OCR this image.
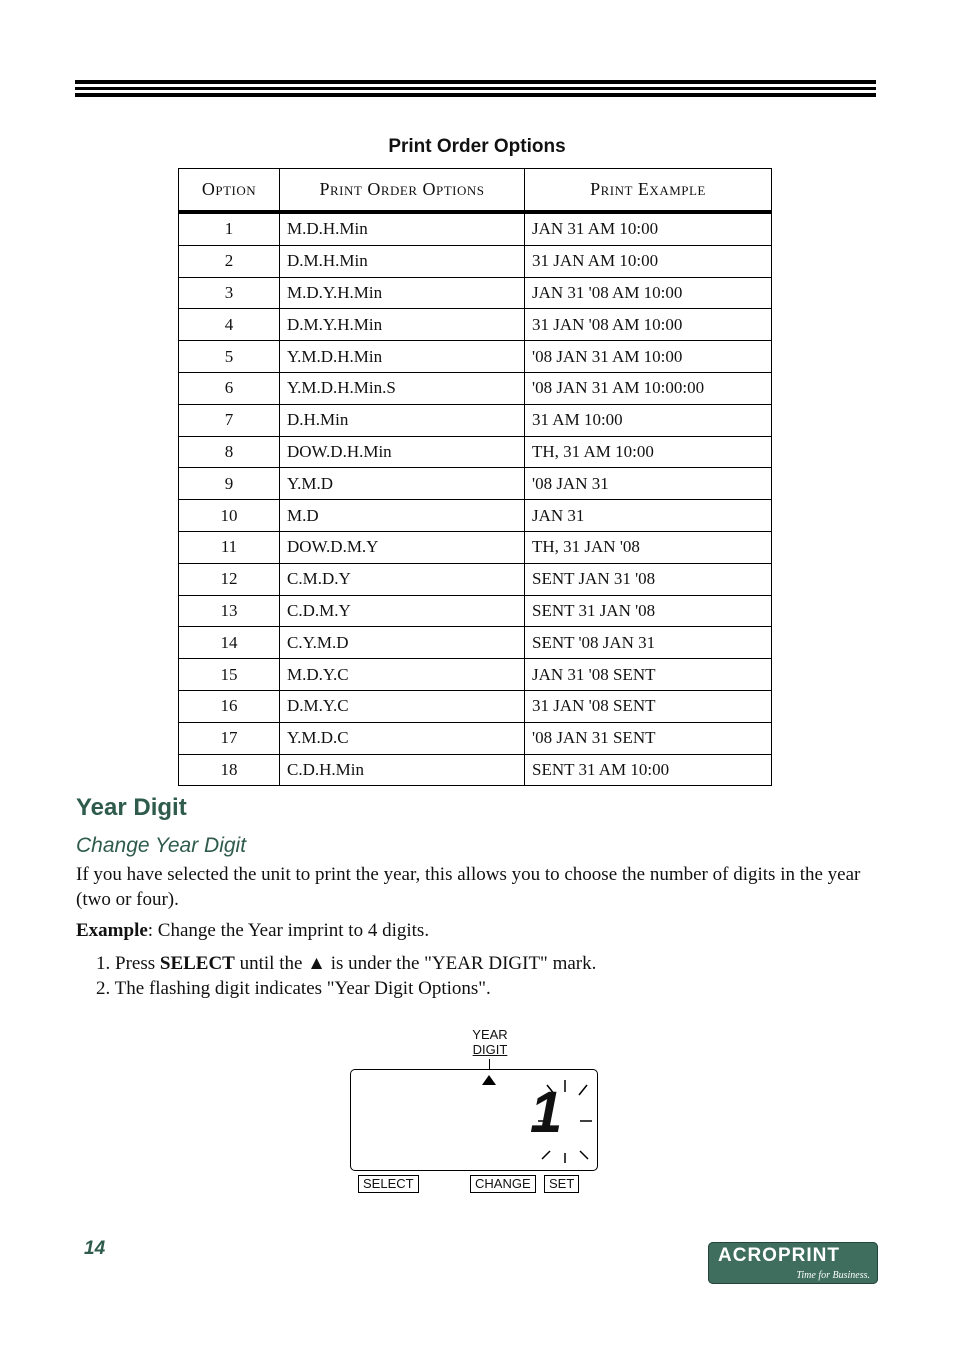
Print Order Options
Option	Print Order Options	Print Example
1	M.D.H.Min	JAN 31 AM 10:00
2	D.M.H.Min	31 JAN AM 10:00
3	M.D.Y.H.Min	JAN 31 '08 AM 10:00
4	D.M.Y.H.Min	31 JAN '08 AM 10:00
5	Y.M.D.H.Min	'08 JAN 31 AM 10:00
6	Y.M.D.H.Min.S	'08 JAN 31 AM 10:00:00
7	D.H.Min	31 AM 10:00
8	DOW.D.H.Min	TH, 31 AM 10:00
9	Y.M.D	'08 JAN 31
10	M.D	JAN 31
11	DOW.D.M.Y	TH, 31 JAN '08
12	C.M.D.Y	SENT JAN 31 '08
13	C.D.M.Y	SENT 31 JAN '08
14	C.Y.M.D	SENT '08 JAN 31
15	M.D.Y.C	JAN 31 '08 SENT
16	D.M.Y.C	31 JAN '08 SENT
17	Y.M.D.C	'08 JAN 31 SENT
18	C.D.H.Min	SENT 31 AM 10:00
Year Digit
Change Year Digit
If you have selected the unit to print the year, this allows you to choose the number of digits in the year (two or four).
Example: Change the Year imprint to 4 digits.
1. Press SELECT until the ▲ is under the "YEAR DIGIT" mark.
2. The flashing digit indicates "Year Digit Options".
YEAR
DIGIT
1
SELECT	CHANGE	SET
14	ACROPRINT
Time for Business.
